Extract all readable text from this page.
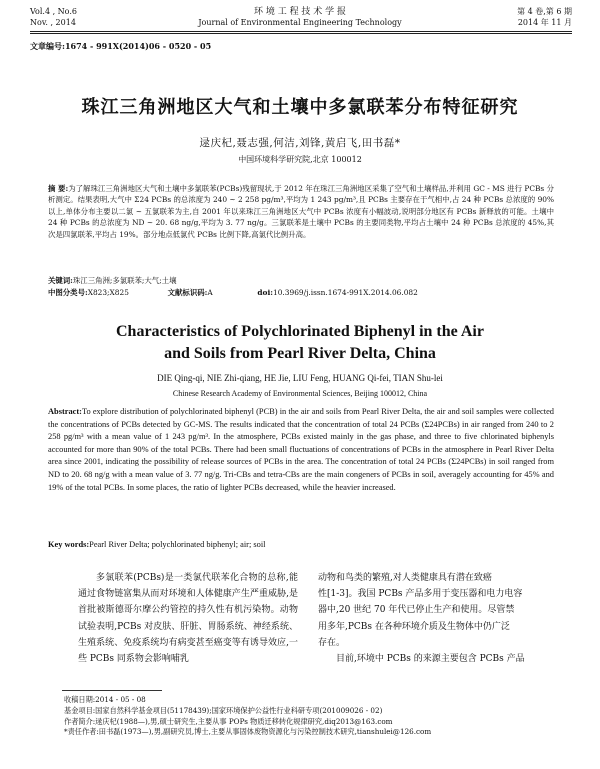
Vol.4 , No.6
Nov. , 2014
环 境 工 程 技 术 学 报
Journal of Environmental Engineering Technology
第 4 卷,第 6 期
2014 年 11 月
文章编号:1674 - 991X(2014)06 - 0520 - 05
珠江三角洲地区大气和土壤中多氯联苯分布特征研究
逯庆杞,聂志强,何洁,刘锋,黄启飞,田书磊*
中国环境科学研究院,北京 100012
摘 要:为了解珠江三角洲地区大气和土壤中多氯联苯(PCBs)残留现状,于 2012 年在珠江三角洲地区采集了空气和土壤样品,并利用 GC - MS 进行 PCBs 分析测定。结果表明,大气中 Σ24 PCBs 的总浓度为 240 ~ 2 258 pg/m³,平均为 1 243 pg/m³,且 PCBs 主要存在于气相中,占 24 种 PCBs 总浓度的 90% 以上,单体分布主要以二氯 ~ 五氯联苯为主,自 2001 年以来珠江三角洲地区大气中 PCBs 浓度有小幅波动,说明部分地区有 PCBs 新释放的可能。土壤中 24 种 PCBs 的总浓度为 ND ~ 20. 68 ng/g,平均为 3. 77 ng/g。三氯联苯是土壤中 PCBs 的主要同类物,平均占土壤中 24 种 PCBs 总浓度的 45%,其次是四氯联苯,平均占 19%。部分地点低氯代 PCBs 比例下降,高氯代比例升高。
关键词:珠江三角洲;多氯联苯;大气;土壤
中图分类号:X823;X825	文献标识码:A	doi:10.3969/j.issn.1674-991X.2014.06.082
Characteristics of Polychlorinated Biphenyl in the Air
and Soils from Pearl River Delta, China
DIE Qing-qi, NIE Zhi-qiang, HE Jie, LIU Feng, HUANG Qi-fei, TIAN Shu-lei
Chinese Research Academy of Environmental Sciences, Beijing 100012, China
Abstract:To explore distribution of polychlorinated biphenyl (PCB) in the air and soils from Pearl River Delta, the air and soil samples were collected the concentrations of PCBs detected by GC-MS. The results indicated that the concentration of total 24 PCBs (Σ24PCBs) in air ranged from 240 to 2 258 pg/m³ with a mean value of 1 243 pg/m³. In the atmosphere, PCBs existed mainly in the gas phase, and three to five chlorinated biphenyls accounted for more than 90% of the total PCBs. There had been small fluctuations of concentrations of PCBs in the atmosphere in Pearl River Delta area since 2001, indicating the possibility of release sources of PCBs in the area. The concentration of total 24 PCBs (Σ24PCBs) in soil ranged from ND to 20. 68 ng/g with a mean value of 3. 77 ng/g. Tri-CBs and tetra-CBs are the main congeners of PCBs in soil, averagely accounting for 45% and 19% of the total PCBs. In some places, the ratio of lighter PCBs decreased, while the heavier increased.
Key words:Pearl River Delta; polychlorinated biphenyl; air; soil
多氯联苯(PCBs)是一类氯代联苯化合物的总称,能通过食物链富集从而对环境和人体健康产生严重威胁,是首批被斯德哥尔摩公约管控的持久性有机污染物。动物试验表明,PCBs 对皮肤、肝脏、胃肠系统、神经系统、生殖系统、免疫系统均有病变甚至癌变等有诱导效应,一些 PCBs 同系物会影响哺乳
动物和鸟类的繁殖,对人类健康具有潜在致癌
性[1-3]。我国 PCBs 产品多用于变压器和电力电容
器中,20 世纪 70 年代已停止生产和使用。尽管禁
用多年,PCBs 在各种环境介质及生物体中仍广泛
存在。
目前,环境中 PCBs 的来源主要包含 PCBs 产品
收稿日期:2014 - 05 - 08
基金项目:国家自然科学基金项目(51178439);国家环境保护公益性行业科研专项(201009026 - 02)
作者简介:逯庆杞(1988—),男,硕士研究生,主要从事 POPs 物质迁移转化规律研究,diq2013@163.com
*责任作者:田书磊(1973—),男,副研究员,博士,主要从事固体废物资源化与污染控制技术研究,tianshulei@126.com
